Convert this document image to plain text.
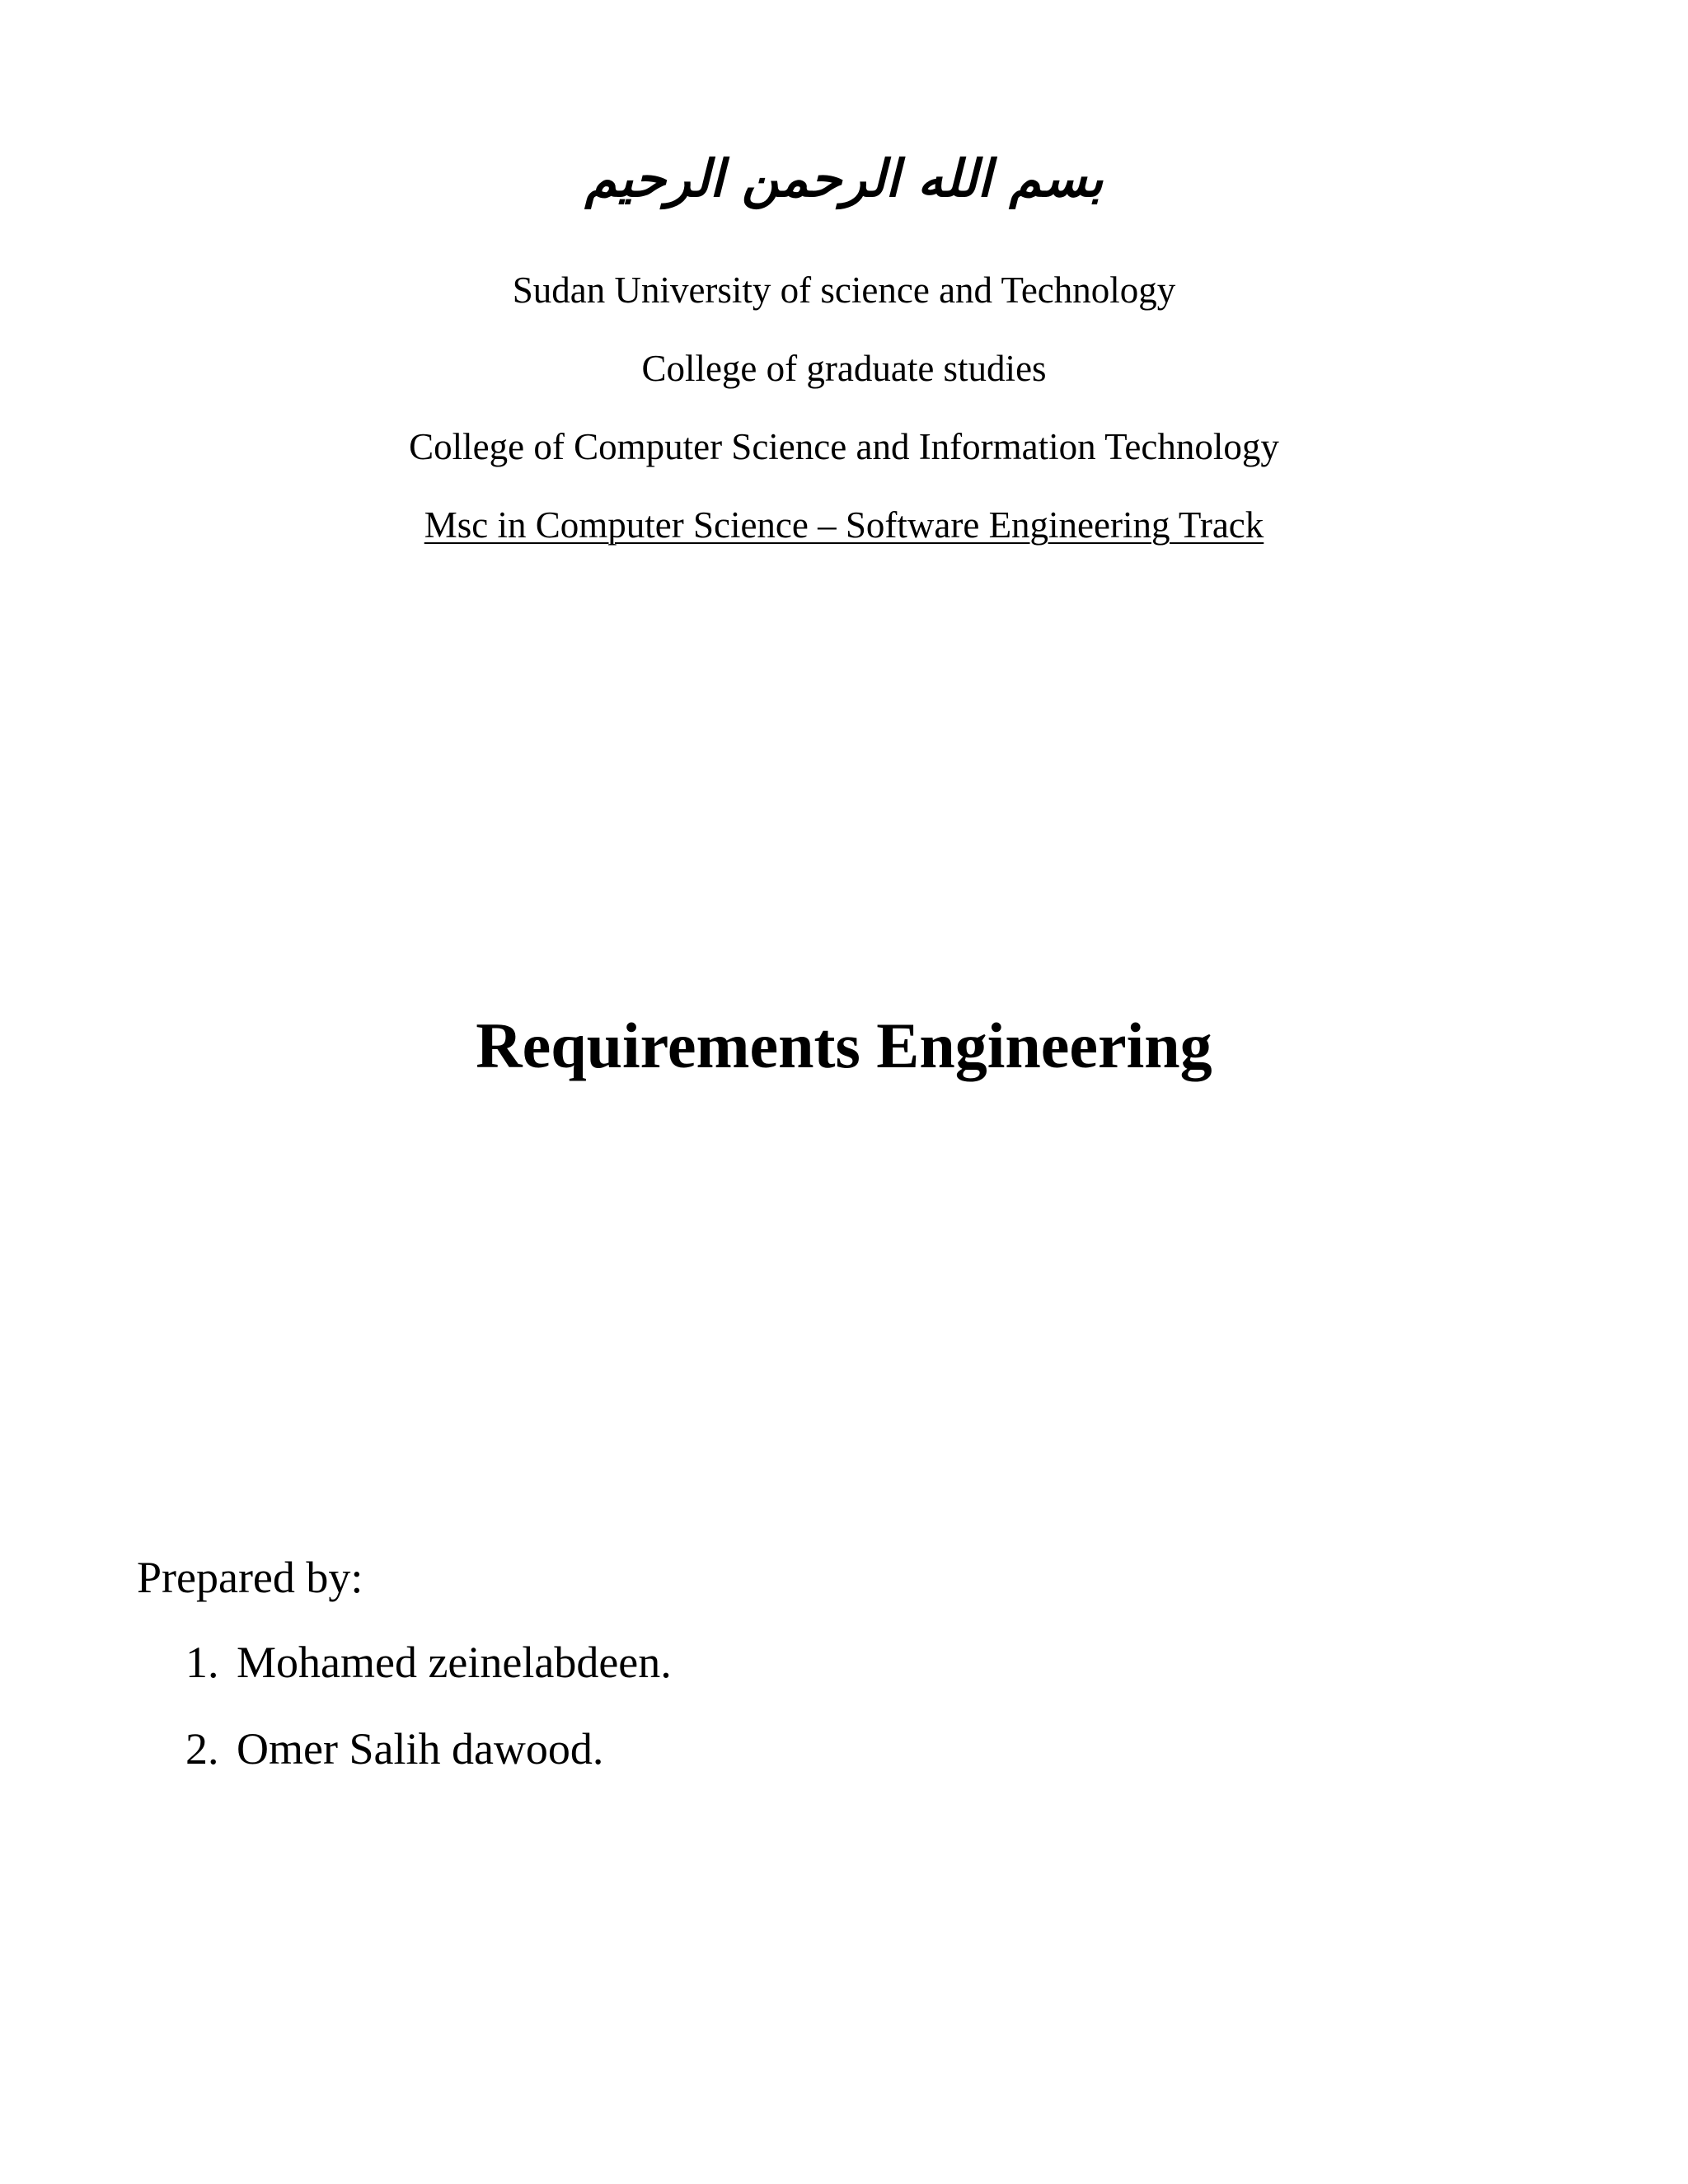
بسم الله الرحمن الرحيم
Sudan University of science and Technology
College of graduate studies
College of Computer Science and Information Technology
Msc in Computer Science – Software Engineering Track
Requirements Engineering
Prepared by:
1. Mohamed zeinelabdeen.
2. Omer Salih dawood.
